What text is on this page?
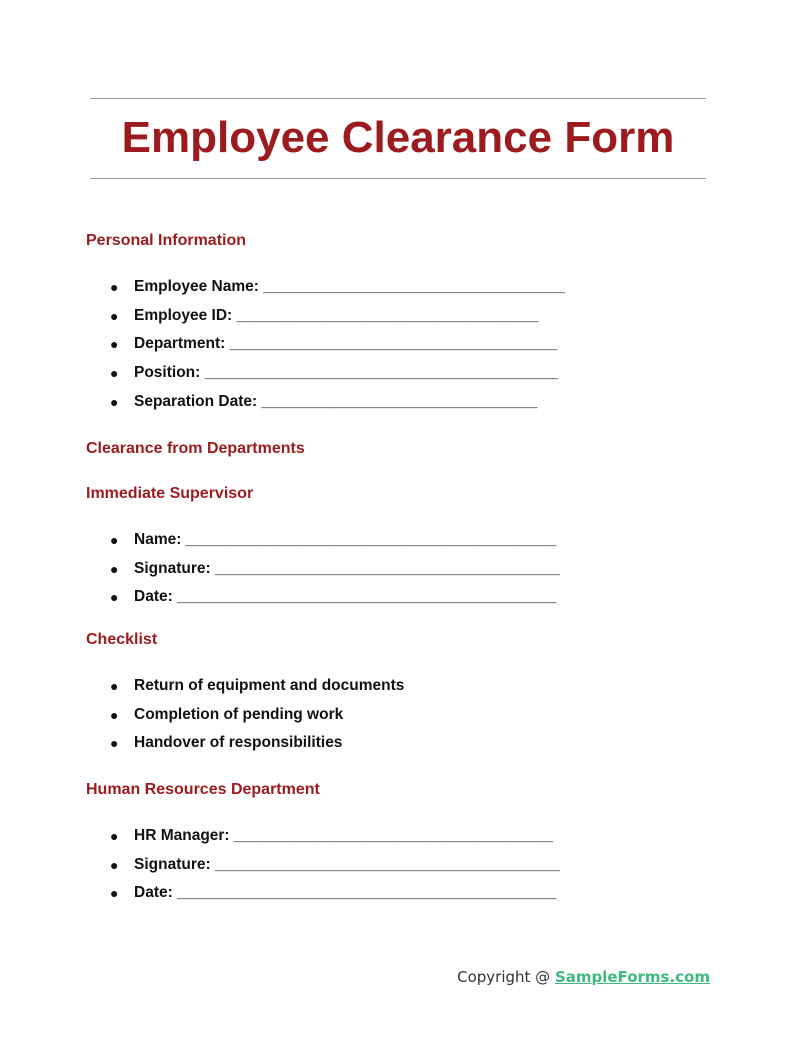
Employee Clearance Form
Personal Information
● Employee Name: ___________________________________
● Employee ID: ___________________________________
● Department: ______________________________________
● Position: _________________________________________
● Separation Date: ________________________________
Clearance from Departments
Immediate Supervisor
● Name: ___________________________________________
● Signature: ________________________________________
● Date: ____________________________________________
Checklist
● Return of equipment and documents
● Completion of pending work
● Handover of responsibilities
Human Resources Department
● HR Manager: _____________________________________
● Signature: ________________________________________
● Date: ____________________________________________
Copyright @ SampleForms.com
